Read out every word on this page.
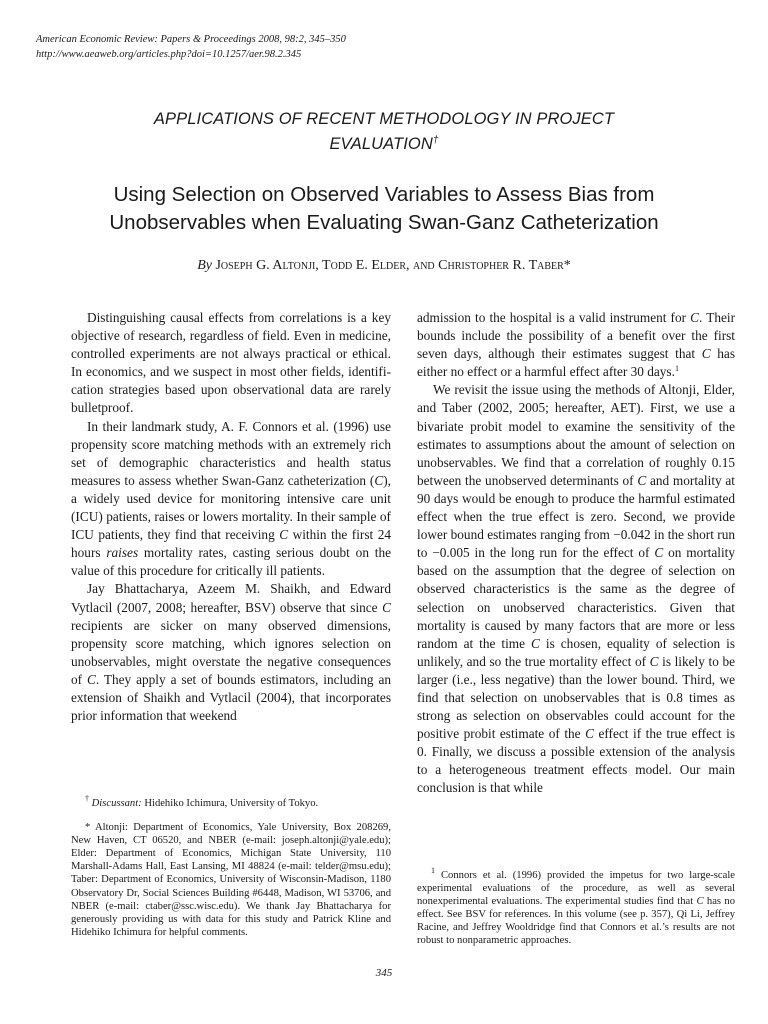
American Economic Review: Papers & Proceedings 2008, 98:2, 345–350
http://www.aeaweb.org/articles.php?doi=10.1257/aer.98.2.345
APPLICATIONS OF RECENT METHODOLOGY IN PROJECT EVALUATION†
Using Selection on Observed Variables to Assess Bias from Unobservables when Evaluating Swan-Ganz Catheterization
By Joseph G. Altonji, Todd E. Elder, and Christopher R. Taber*

Distinguishing causal effects from correlations is a key objective of research, regardless of field. Even in medicine, controlled experiments are not always practical or ethical. In economics, and we suspect in most other fields, identification strategies based upon observational data are rarely bulletproof.

In their landmark study, A. F. Connors et al. (1996) use propensity score matching methods with an extremely rich set of demographic characteristics and health status measures to assess whether Swan-Ganz catheterization (C), a widely used device for monitoring intensive care unit (ICU) patients, raises or lowers mortality. In their sample of ICU patients, they find that receiving C within the first 24 hours raises mortality rates, casting serious doubt on the value of this procedure for critically ill patients.

Jay Bhattacharya, Azeem M. Shaikh, and Edward Vytlacil (2007, 2008; hereafter, BSV) observe that since C recipients are sicker on many observed dimensions, propensity score matching, which ignores selection on unobservables, might overstate the negative consequences of C. They apply a set of bounds estimators, including an extension of Shaikh and Vytlacil (2004), that incorporates prior information that weekend

admission to the hospital is a valid instrument for C. Their bounds include the possibility of a benefit over the first seven days, although their estimates suggest that C has either no effect or a harmful effect after 30 days.$^1$

We revisit the issue using the methods of Altonji, Elder, and Taber (2002, 2005; hereafter, AET). First, we use a bivariate probit model to examine the sensitivity of the estimates to assumptions about the amount of selection on unobservables. We find that a correlation of roughly 0.15 between the unobserved determinants of C and mortality at 90 days would be enough to produce the harmful estimated effect when the true effect is zero. Second, we provide lower bound estimates ranging from −0.042 in the short run to −0.005 in the long run for the effect of C on mortality based on the assumption that the degree of selection on observed characteristics is the same as the degree of selection on unobserved characteristics. Given that mortality is caused by many factors that are more or less random at the time C is chosen, equality of selection is unlikely, and so the true mortality effect of C is likely to be larger (i.e., less negative) than the lower bound. Third, we find that selection on unobservables that is 0.8 times as strong as selection on observables could account for the positive probit estimate of the C effect if the true effect is 0. Finally, we discuss a possible extension of the analysis to a heterogeneous treatment effects model. Our main conclusion is that while

† Discussant: Hidehiko Ichimura, University of Tokyo.

* Altonji: Department of Economics, Yale University, Box 208269, New Haven, CT 06520, and NBER (e-mail: joseph.altonji@yale.edu); Elder: Department of Economics, Michigan State University, 110 Marshall-Adams Hall, East Lansing, MI 48824 (e-mail: telder@msu.edu); Taber: Department of Economics, University of Wisconsin-Madison, 1180 Observatory Dr, Social Sciences Building #6448, Madison, WI 53706, and NBER (e-mail: ctaber@ssc.wisc.edu). We thank Jay Bhattacharya for generously providing us with data for this study and Patrick Kline and Hidehiko Ichimura for helpful comments.

$^1$ Connors et al. (1996) provided the impetus for two large-scale experimental evaluations of the procedure, as well as several nonexperimental evaluations. The experimental studies find that C has no effect. See BSV for references. In this volume (see p. 357), Qi Li, Jeffrey Racine, and Jeffrey Wooldridge find that Connors et al.’s results are not robust to nonparametric approaches.

345
